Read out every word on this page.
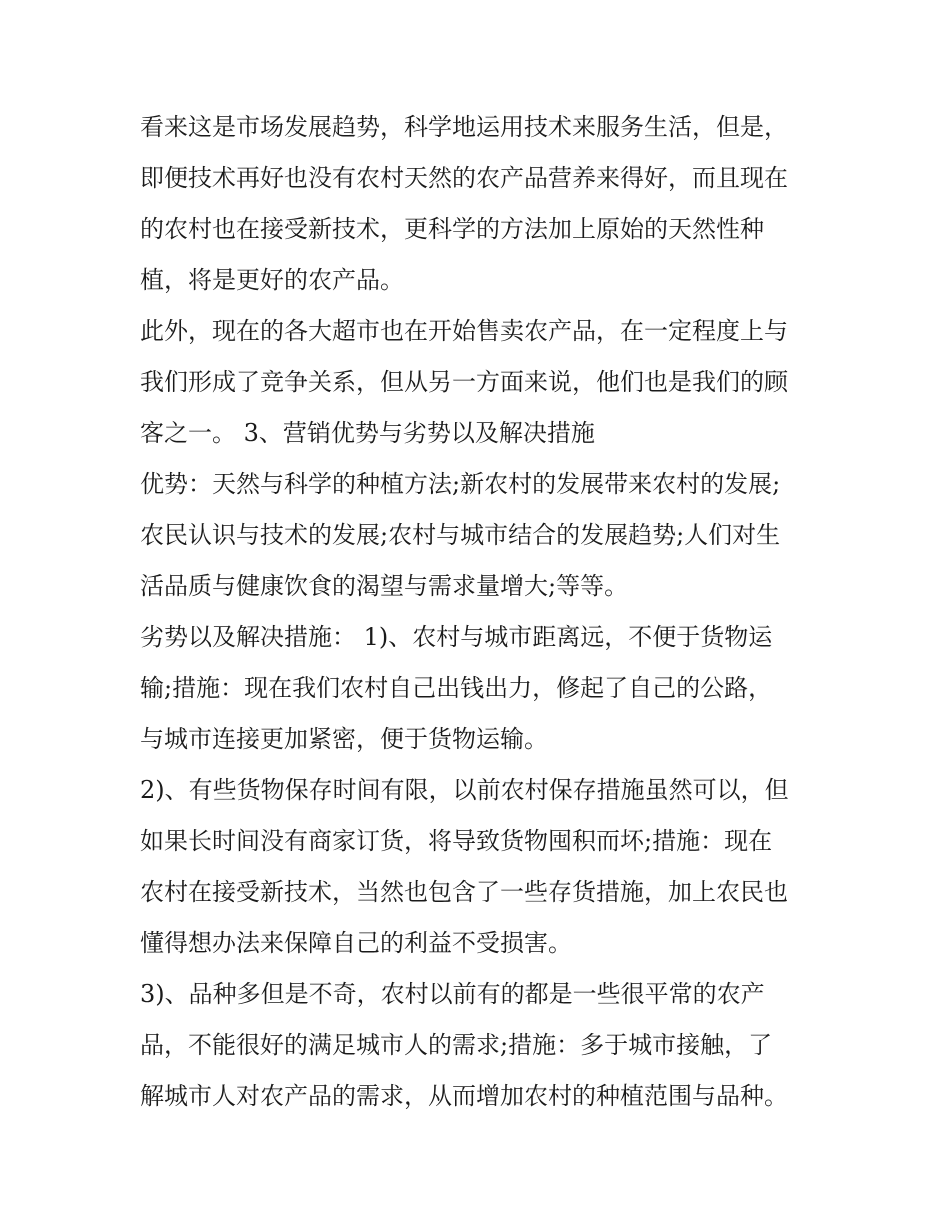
看来这是市场发展趋势，科学地运用技术来服务生活，但是，
即便技术再好也没有农村天然的农产品营养来得好，而且现在
的农村也在接受新技术，更科学的方法加上原始的天然性种
植，将是更好的农产品。
此外，现在的各大超市也在开始售卖农产品，在一定程度上与
我们形成了竞争关系，但从另一方面来说，他们也是我们的顾
客之一。 3、营销优势与劣势以及解决措施
优势：天然与科学的种植方法;新农村的发展带来农村的发展;
农民认识与技术的发展;农村与城市结合的发展趋势;人们对生
活品质与健康饮食的渴望与需求量增大;等等。
劣势以及解决措施： 1)、农村与城市距离远，不便于货物运
输;措施：现在我们农村自己出钱出力，修起了自己的公路，
与城市连接更加紧密，便于货物运输。
2)、有些货物保存时间有限，以前农村保存措施虽然可以，但
如果长时间没有商家订货，将导致货物囤积而坏;措施：现在
农村在接受新技术，当然也包含了一些存货措施，加上农民也
懂得想办法来保障自己的利益不受损害。
3)、品种多但是不奇，农村以前有的都是一些很平常的农产
品，不能很好的满足城市人的需求;措施：多于城市接触，了
解城市人对农产品的需求，从而增加农村的种植范围与品种。
